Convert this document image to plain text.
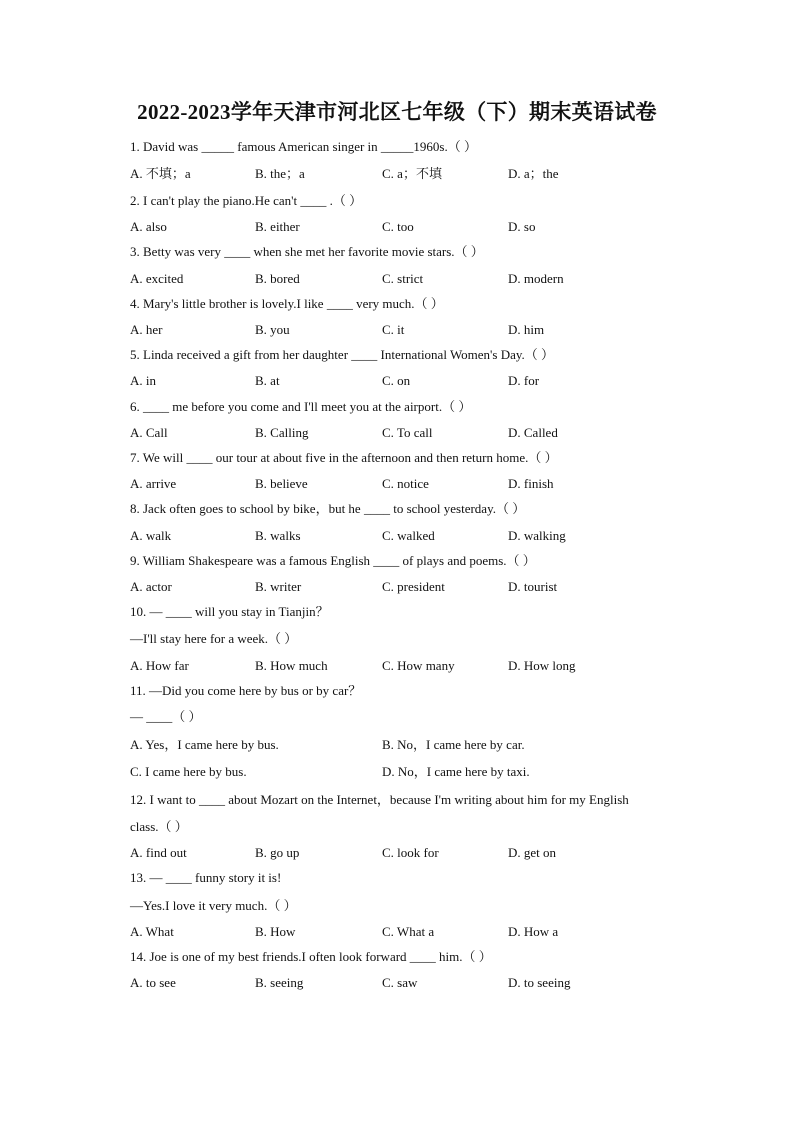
2022-2023学年天津市河北区七年级（下）期末英语试卷
1. David was _____ famous American singer in _____1960s.（ ）
A. 不填；a	B. the；a	C. a；不填	D. a；the
2. I can't play the piano.He can't ____ .（ ）
A. also	B. either	C. too	D. so
3. Betty was very ____ when she met her favorite movie stars.（ ）
A. excited	B. bored	C. strict	D. modern
4. Mary's little brother is lovely.I like ____ very much.（ ）
A. her	B. you	C. it	D. him
5. Linda received a gift from her daughter ____ International Women's Day.（ ）
A. in	B. at	C. on	D. for
6. ____ me before you come and I'll meet you at the airport.（ ）
A. Call	B. Calling	C. To call	D. Called
7. We will ____ our tour at about five in the afternoon and then return home.（ ）
A. arrive	B. believe	C. notice	D. finish
8. Jack often goes to school by bike，but he ____ to school yesterday.（ ）
A. walk	B. walks	C. walked	D. walking
9. William Shakespeare was a famous English ____ of plays and poems.（ ）
A. actor	B. writer	C. president	D. tourist
10. — ____ will you stay in Tianjin？
—I'll stay here for a week.（ ）
A. How far	B. How much	C. How many	D. How long
11. —Did you come here by bus or by car？
— ____（ ）
A. Yes，I came here by bus.	B. No，I came here by car.
C. I came here by bus.	D. No，I came here by taxi.
12. I want to ____ about Mozart on the Internet，because I'm writing about him for my English
class.（ ）
A. find out	B. go up	C. look for	D. get on
13. — ____ funny story it is!
—Yes.I love it very much.（ ）
A. What	B. How	C. What a	D. How a
14. Joe is one of my best friends.I often look forward ____ him.（ ）
A. to see	B. seeing	C. saw	D. to seeing
